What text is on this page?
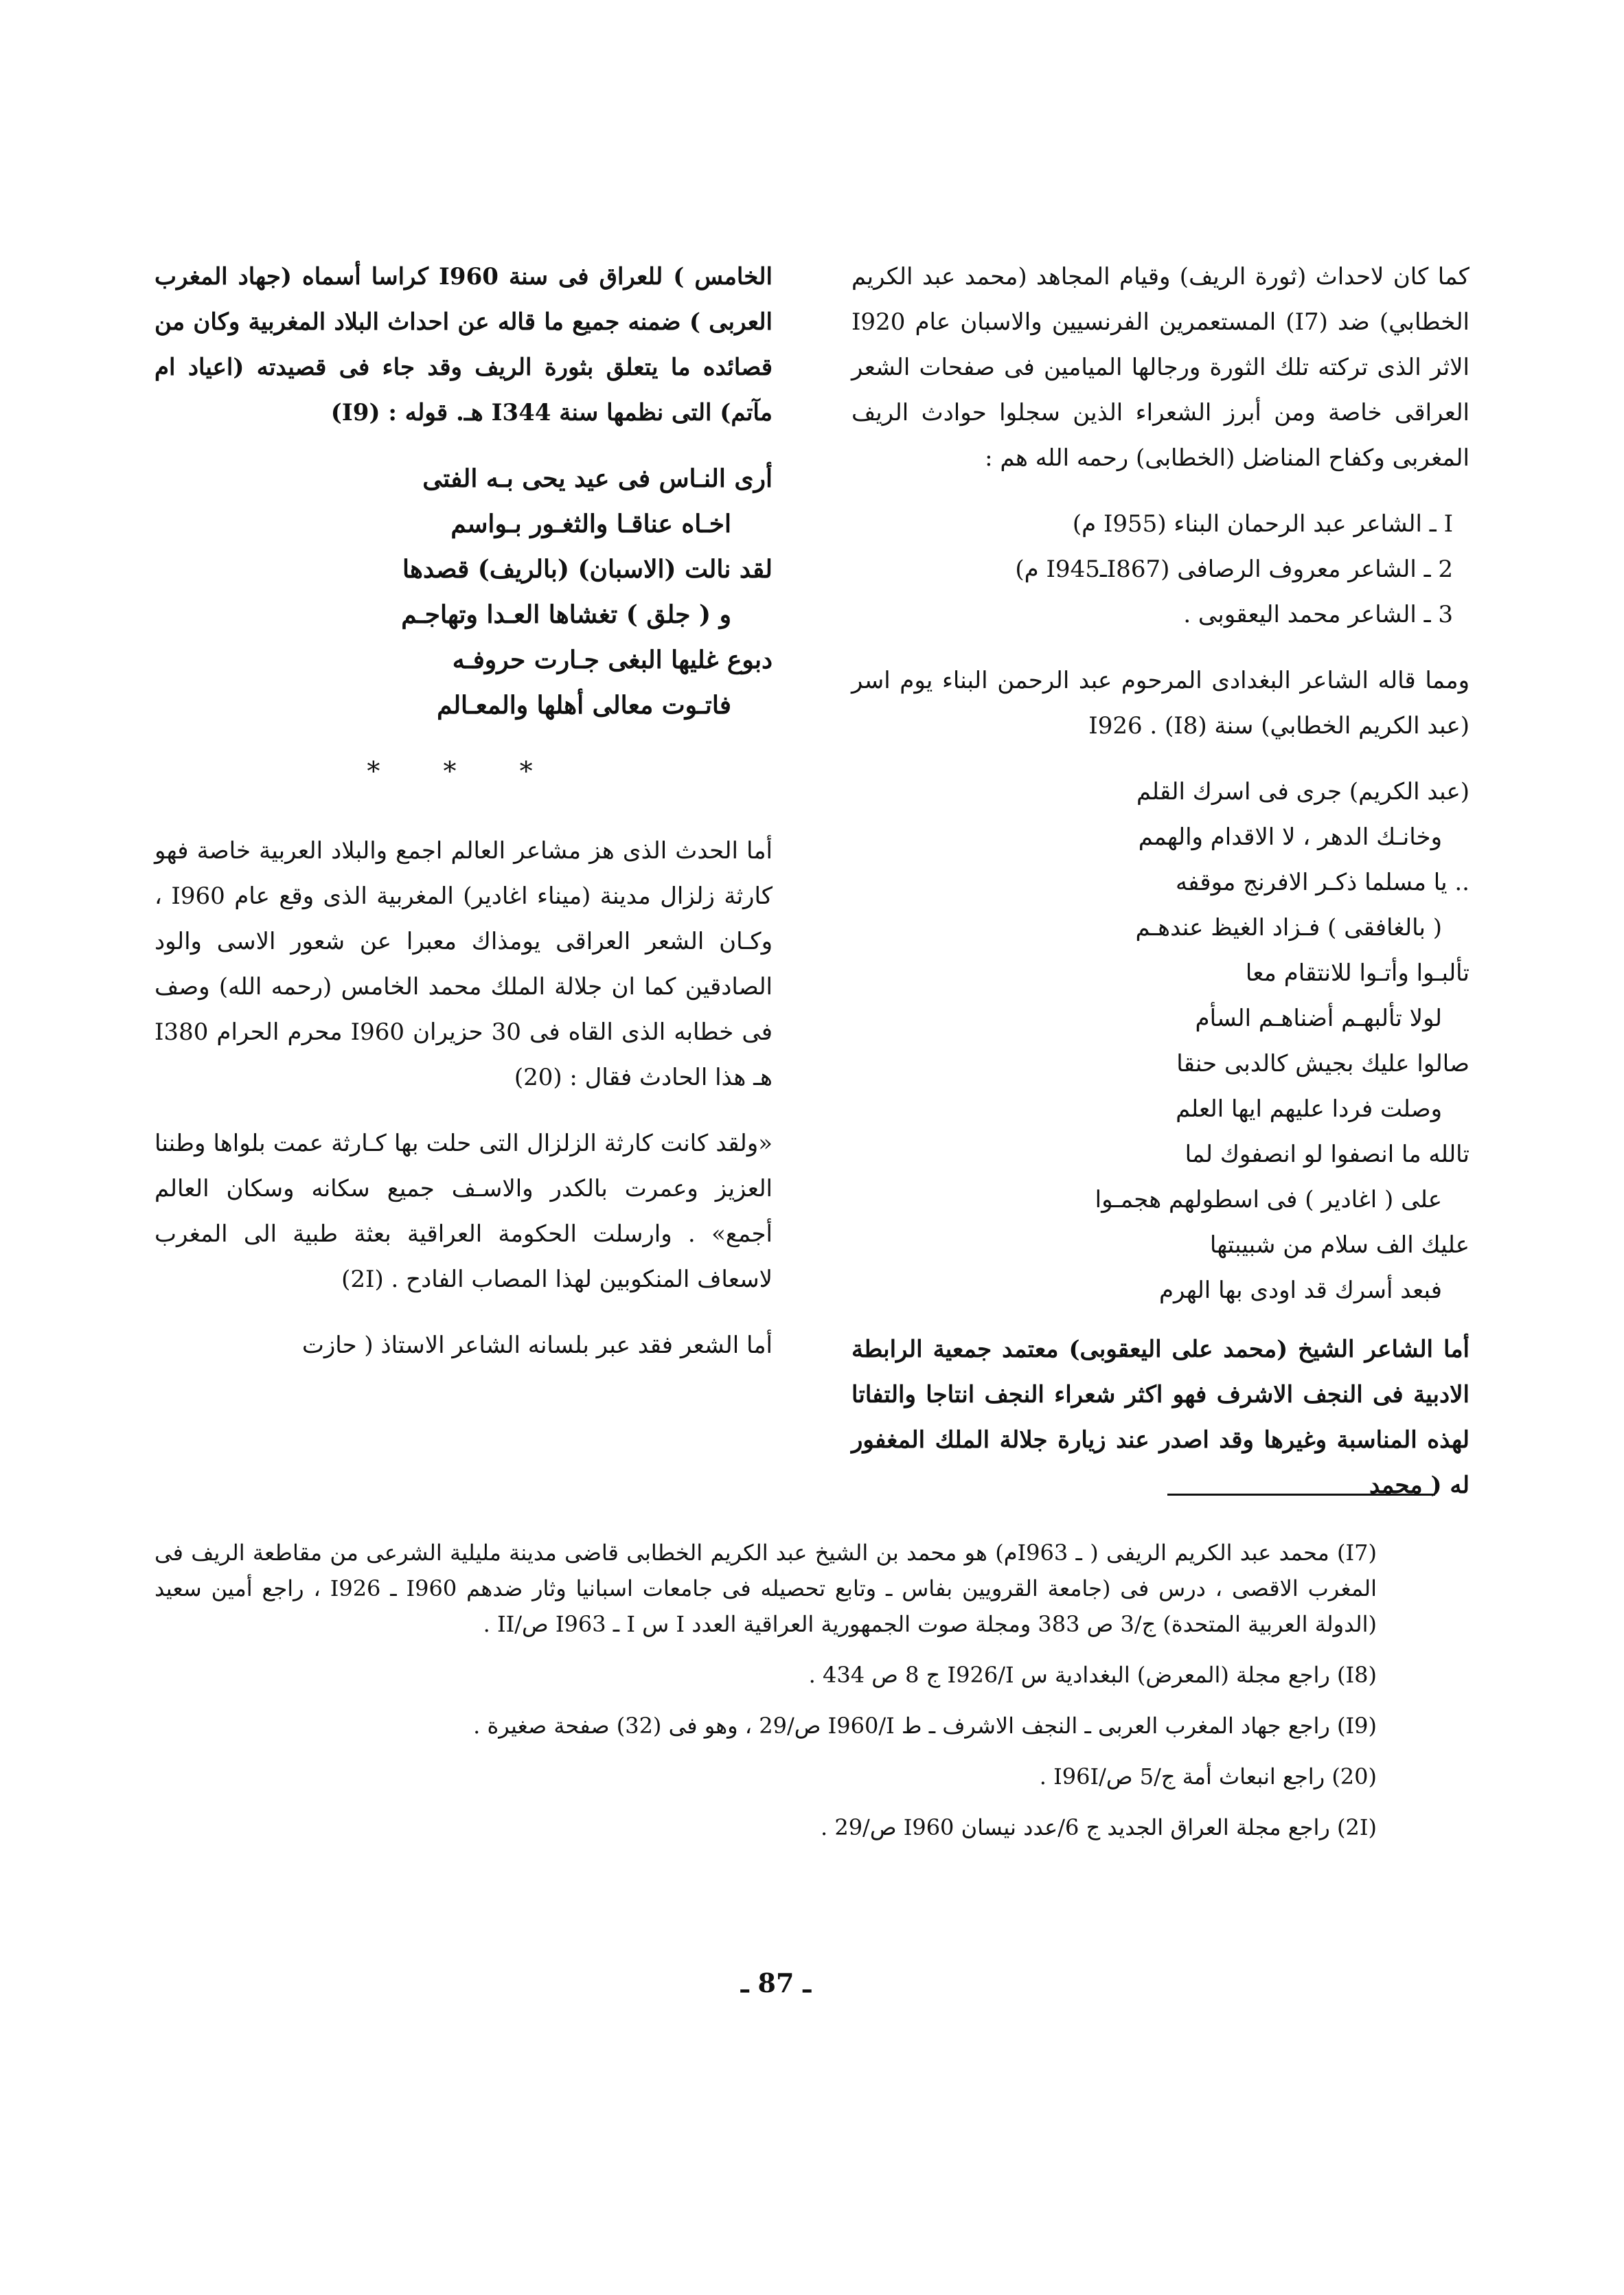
كما كان لاحداث (ثورة الريف) وقيام المجاهد (محمد عبد الكريم الخطابي) ضد (I7) المستعمرين الفرنسيين والاسبان عام I920 الاثر الذى تركته تلك الثورة ورجالها الميامين فى صفحات الشعر العراقى خاصة ومن أبرز الشعراء الذين سجلوا حوادث الريف المغربى وكفاح المناضل (الخطابى) رحمه الله هم :

I ـ الشاعر عبد الرحمان البناء (I955 م)
2 ـ الشاعر معروف الرصافى (I867ـI945 م)
3 ـ الشاعر محمد اليعقوبى .

ومما قاله الشاعر البغدادى المرحوم عبد الرحمن البناء يوم اسر (عبد الكريم الخطابي) سنة I926 . (I8)

(عبد الكريم) جرى فى اسرك القلم
وخانـك الدهر ، لا الاقدام والهمم
.. يا مسلما ذكـر الافرنج موقفه
( بالغافقى ) فـزاد الغيظ عندهـم
تألبـوا وأتـوا للانتقام معا
لولا تألبهـم أضناهـم السأم
صالوا عليك بجيش كالدبى حنقا
وصلت فردا عليهم ايها العلم
تالله ما انصفوا لو انصفوك لما
على ( اغادير ) فى اسطولهم هجمـوا
عليك الف سلام من شبيبتها
فبعد أسرك قد اودى بها الهرم

أما الشاعر الشيخ (محمد على اليعقوبى) معتمد جمعية الرابطة الادبية فى النجف الاشرف فهو اكثر شعراء النجف انتاجا والتفاتا لهذه المناسبة وغيرها وقد اصدر عند زيارة جلالة الملك المغفور له ( محمد

الخامس ) للعراق فى سنة I960 كراسا أسماه (جهاد المغرب العربى ) ضمنه جميع ما قاله عن احداث البلاد المغربية وكان من قصائده ما يتعلق بثورة الريف وقد جاء فى قصيدته (اعياد ام مآتم) التى نظمها سنة I344 هـ. قوله : (I9)

أرى النـاس فى عيد يحى بـه الفتى
اخـاه عناقـا والثغـور بـواسم
لقد نالت (الاسبان) (بالريف) قصدها
و ( جلق ) تغشاها العـدا وتهاجـم
دبوع غليها البغى جـارت حروفـه
فاتـوت معالى أهلها والمعـالم
* * *

أما الحدث الذى هز مشاعر العالم اجمع والبلاد العربية خاصة فهو كارثة زلزال مدينة (ميناء اغادير) المغربية الذى وقع عام I960 ، وكـان الشعر العراقى يومذاك معبرا عن شعور الاسى والود الصادقين كما ان جلالة الملك محمد الخامس (رحمه الله) وصف فى خطابه الذى القاه فى 30 حزيران I960 محرم الحرام I380 هـ هذا الحادث فقال : (20)

«ولقد كانت كارثة الزلزال التى حلت بها كـارثة عمت بلواها وطننا العزيز وعمرت بالكدر والاسـف جميع سكانه وسكان العالم أجمع» . وارسلت الحكومة العراقية بعثة طبية الى المغرب لاسعاف المنكوبين لهذا المصاب الفادح . (2I)

أما الشعر فقد عبر بلسانه الشاعر الاستاذ ( حازت

(I7) محمد عبد الكريم الريفى ( ـ I963م) هو محمد بن الشيخ عبد الكريم الخطابى قاضى مدينة مليلية الشرعى من مقاطعة الريف فى المغرب الاقصى ، درس فى (جامعة القرويين بفاس ـ وتابع تحصيله فى جامعات اسبانيا وثار ضدهم I960 ـ I926 ، راجع أمين سعيد (الدولة العربية المتحدة) ج/3 ص 383 ومجلة صوت الجمهورية العراقية العدد I س I ـ I963 ص/II .

(I8) راجع مجلة (المعرض) البغدادية س I926/I ج 8 ص 434 .

(I9) راجع جهاد المغرب العربى ـ النجف الاشرف ـ ط I960/I ص/29 ، وهو فى (32) صفحة صغيرة .

(20) راجع انبعاث أمة ج/5 ص/I96I .

(2I) راجع مجلة العراق الجديد ج 6/عدد نيسان I960 ص/29 .

ـ 87 ـ
